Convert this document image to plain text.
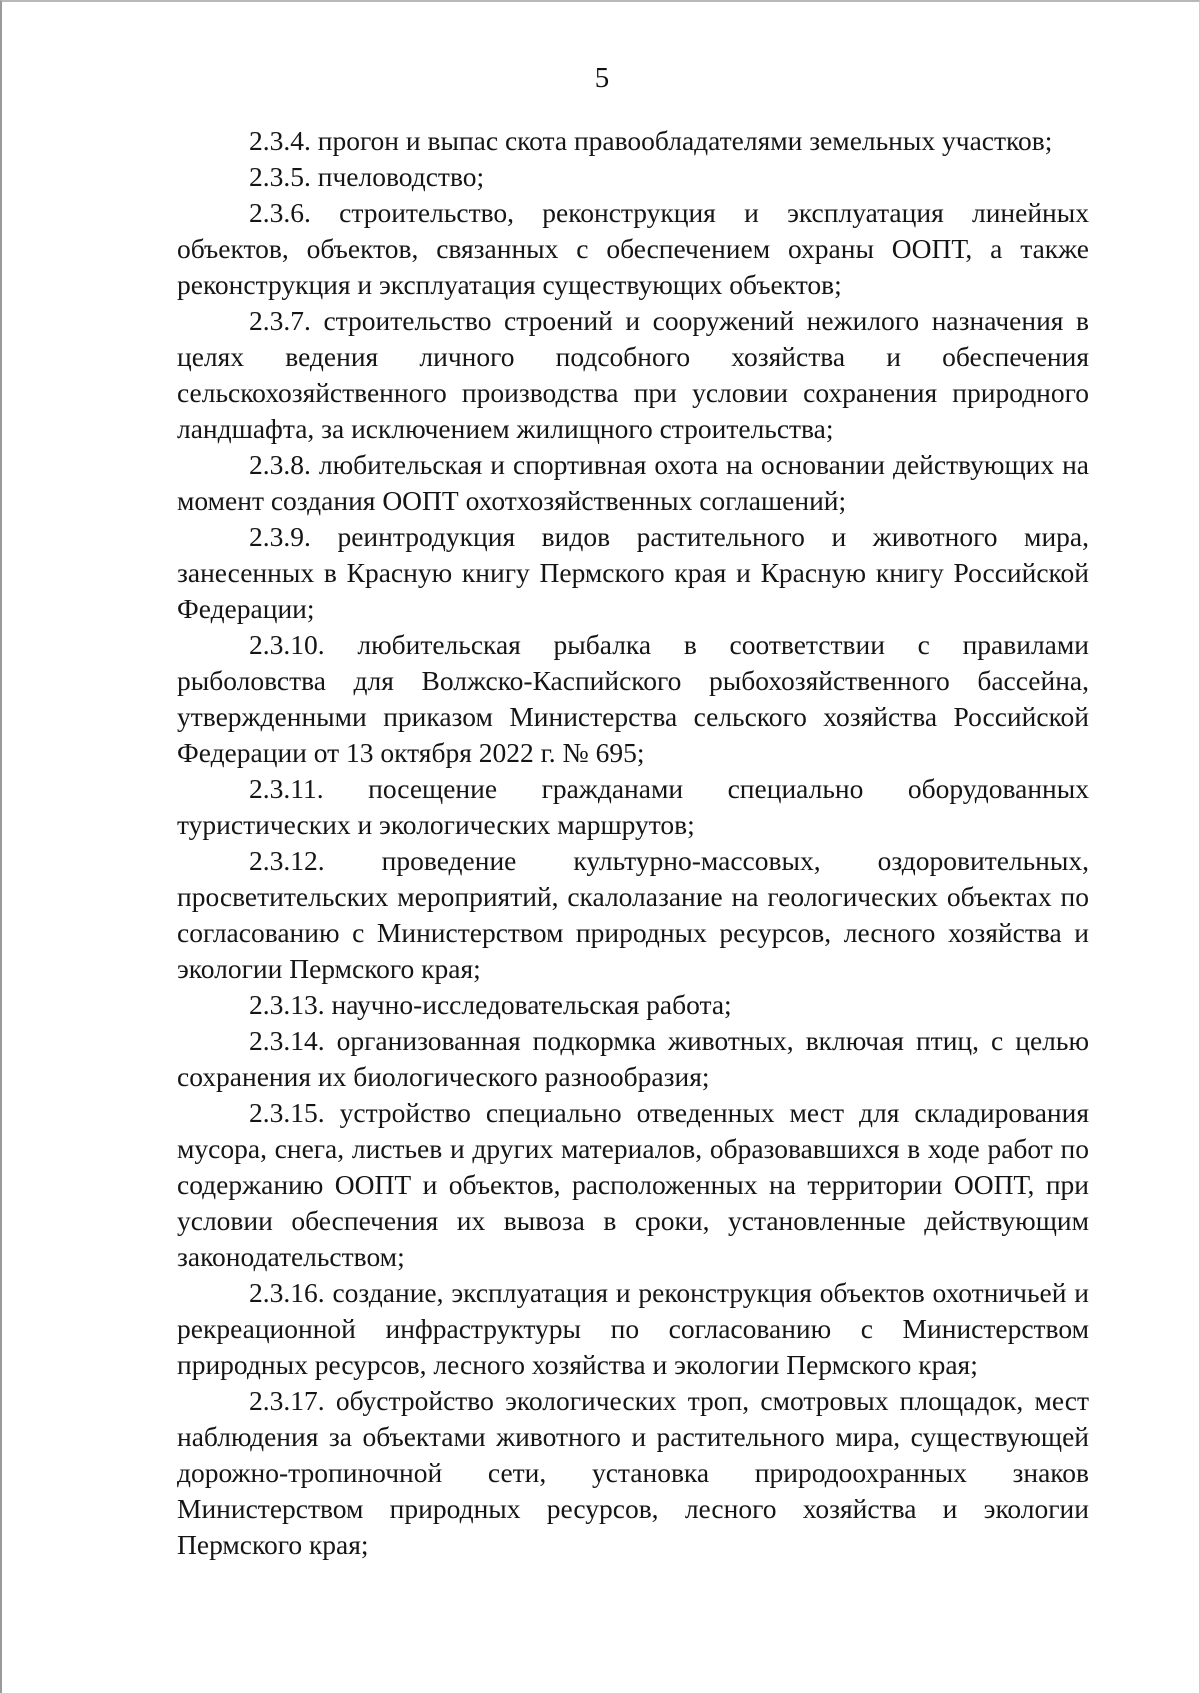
5

2.3.4. прогон и выпас скота правообладателями земельных участков;

2.3.5. пчеловодство;

2.3.6. строительство, реконструкция и эксплуатация линейных объектов, объектов, связанных с обеспечением охраны ООПТ, а также реконструкция и эксплуатация существующих объектов;

2.3.7. строительство строений и сооружений нежилого назначения в целях ведения личного подсобного хозяйства и обеспечения сельскохозяйственного производства при условии сохранения природного ландшафта, за исключением жилищного строительства;

2.3.8. любительская и спортивная охота на основании действующих на момент создания ООПТ охотхозяйственных соглашений;

2.3.9. реинтродукция видов растительного и животного мира, занесенных в Красную книгу Пермского края и Красную книгу Российской Федерации;

2.3.10. любительская рыбалка в соответствии с правилами рыболовства для Волжско-Каспийского рыбохозяйственного бассейна, утвержденными приказом Министерства сельского хозяйства Российской Федерации от 13 октября 2022 г. № 695;

2.3.11. посещение гражданами специально оборудованных туристических и экологических маршрутов;

2.3.12. проведение культурно-массовых, оздоровительных, просветительских мероприятий, скалолазание на геологических объектах по согласованию с Министерством природных ресурсов, лесного хозяйства и экологии Пермского края;

2.3.13. научно-исследовательская работа;

2.3.14. организованная подкормка животных, включая птиц, с целью сохранения их биологического разнообразия;

2.3.15. устройство специально отведенных мест для складирования мусора, снега, листьев и других материалов, образовавшихся в ходе работ по содержанию ООПТ и объектов, расположенных на территории ООПТ, при условии обеспечения их вывоза в сроки, установленные действующим законодательством;

2.3.16. создание, эксплуатация и реконструкция объектов охотничьей и рекреационной инфраструктуры по согласованию с Министерством природных ресурсов, лесного хозяйства и экологии Пермского края;

2.3.17. обустройство экологических троп, смотровых площадок, мест наблюдения за объектами животного и растительного мира, существующей дорожно-тропиночной сети, установка природоохранных знаков Министерством природных ресурсов, лесного хозяйства и экологии Пермского края;
